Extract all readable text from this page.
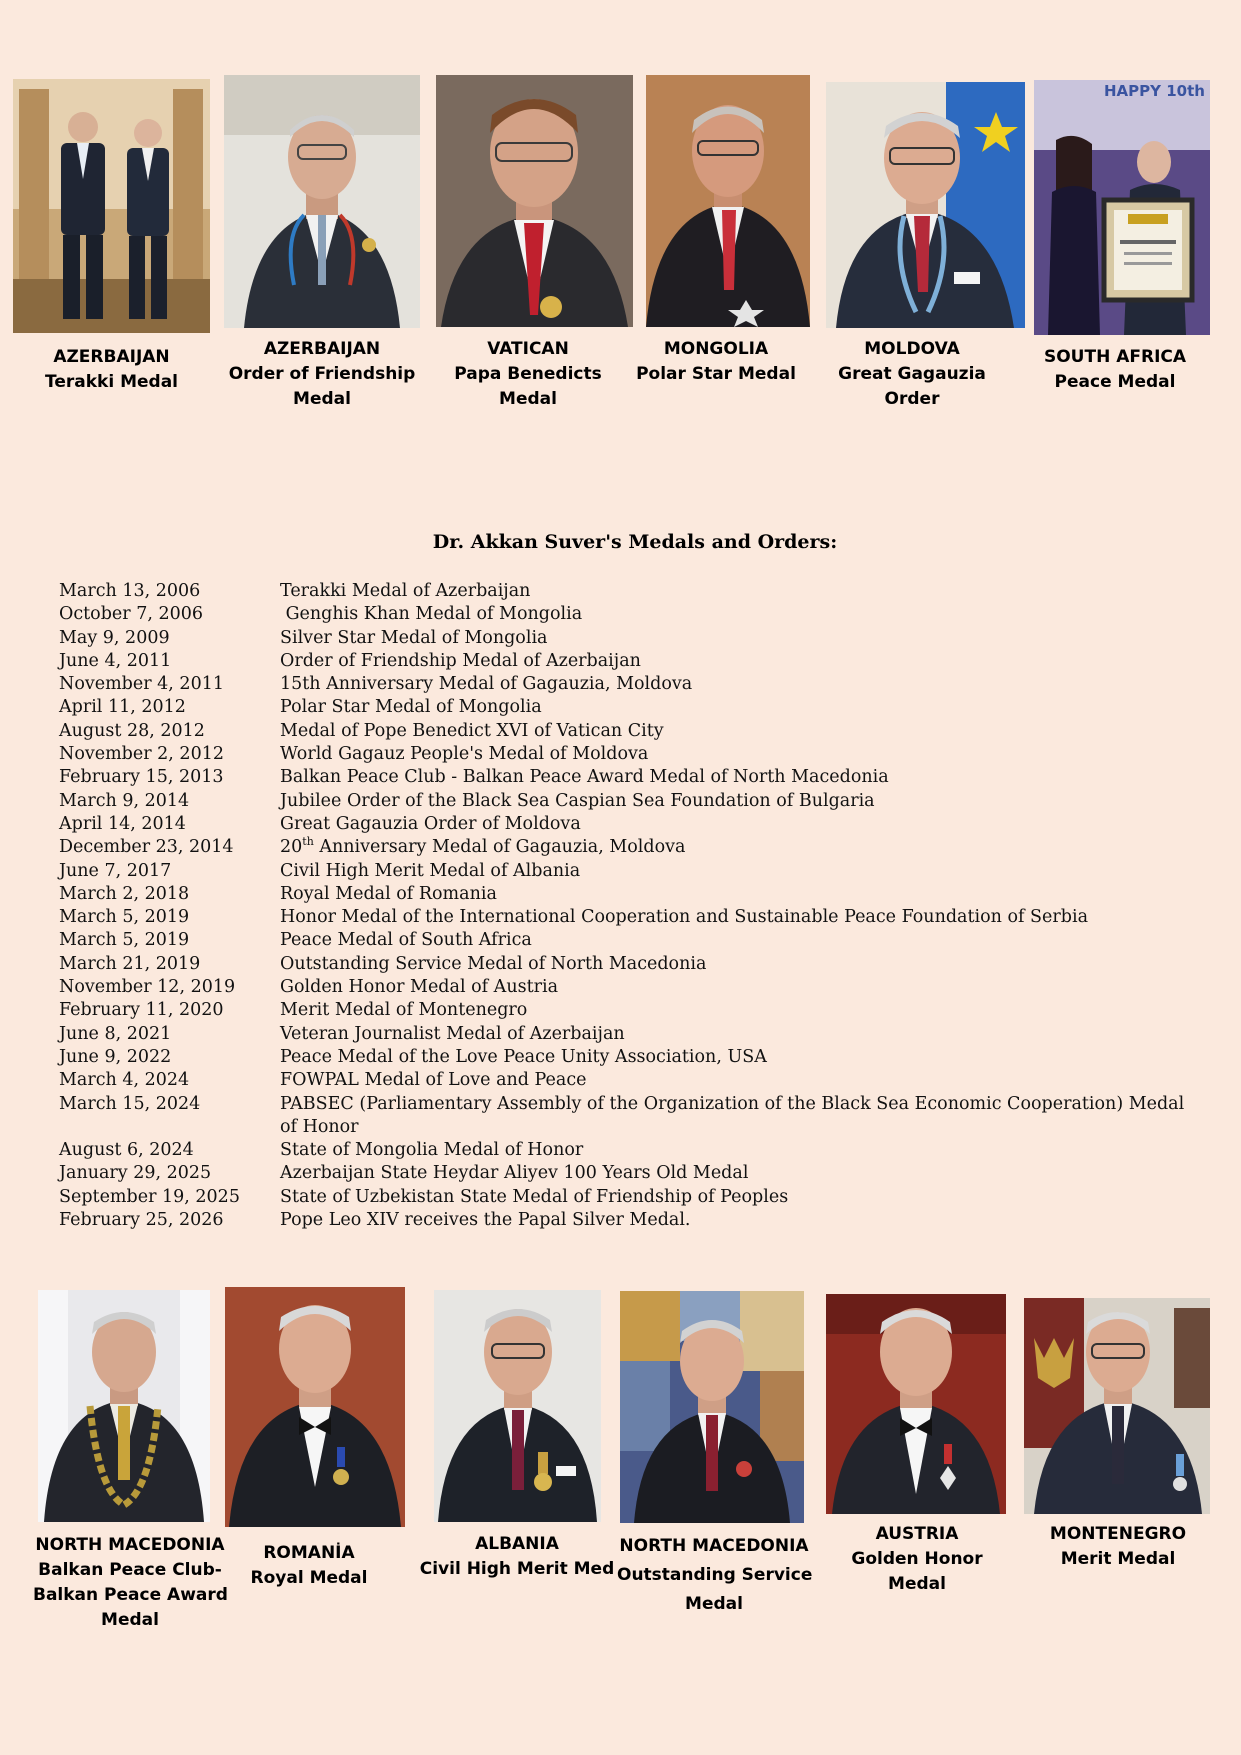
HAPPY 10th
AZERBAIJAN
Terakki Medal
AZERBAIJAN
Order of Friendship
Medal
VATICAN
Papa Benedicts
Medal
MONGOLIA
Polar Star Medal
MOLDOVA
Great Gagauzia
Order
SOUTH AFRICA
Peace Medal
Dr. Akkan Suver's Medals and Orders:
March 13, 2006	Terakki Medal of Azerbaijan
October 7, 2006	Genghis Khan Medal of Mongolia
May 9, 2009	Silver Star Medal of Mongolia
June 4, 2011	Order of Friendship Medal of Azerbaijan
November 4, 2011	15th Anniversary Medal of Gagauzia, Moldova
April 11, 2012	Polar Star Medal of Mongolia
August 28, 2012	Medal of Pope Benedict XVI of Vatican City
November 2, 2012	World Gagauz People's Medal of Moldova
February 15, 2013	Balkan Peace Club - Balkan Peace Award Medal of North Macedonia
March 9, 2014	Jubilee Order of the Black Sea Caspian Sea Foundation of Bulgaria
April 14, 2014	Great Gagauzia Order of Moldova
December 23, 2014	20th Anniversary Medal of Gagauzia, Moldova
June 7, 2017	Civil High Merit Medal of Albania
March 2, 2018	Royal Medal of Romania
March 5, 2019	Honor Medal of the International Cooperation and Sustainable Peace Foundation of Serbia
March 5, 2019	Peace Medal of South Africa
March 21, 2019	Outstanding Service Medal of North Macedonia
November 12, 2019	Golden Honor Medal of Austria
February 11, 2020	Merit Medal of Montenegro
June 8, 2021	Veteran Journalist Medal of Azerbaijan
June 9, 2022	Peace Medal of the Love Peace Unity Association, USA
March 4, 2024	FOWPAL Medal of Love and Peace
March 15, 2024	PABSEC (Parliamentary Assembly of the Organization of the Black Sea Economic Cooperation) Medal of Honor
August 6, 2024	State of Mongolia Medal of Honor
January 29, 2025	Azerbaijan State Heydar Aliyev 100 Years Old Medal
September 19, 2025	State of Uzbekistan State Medal of Friendship of Peoples
February 25, 2026	Pope Leo XIV receives the Papal Silver Medal.
NORTH MACEDONIA
Balkan Peace Club-
Balkan Peace Award
Medal
ROMANİA
Royal Medal
ALBANIA
Civil High Merit Med
NORTH MACEDONIA
Outstanding Service
Medal
AUSTRIA
Golden Honor
Medal
MONTENEGRO
Merit Medal
